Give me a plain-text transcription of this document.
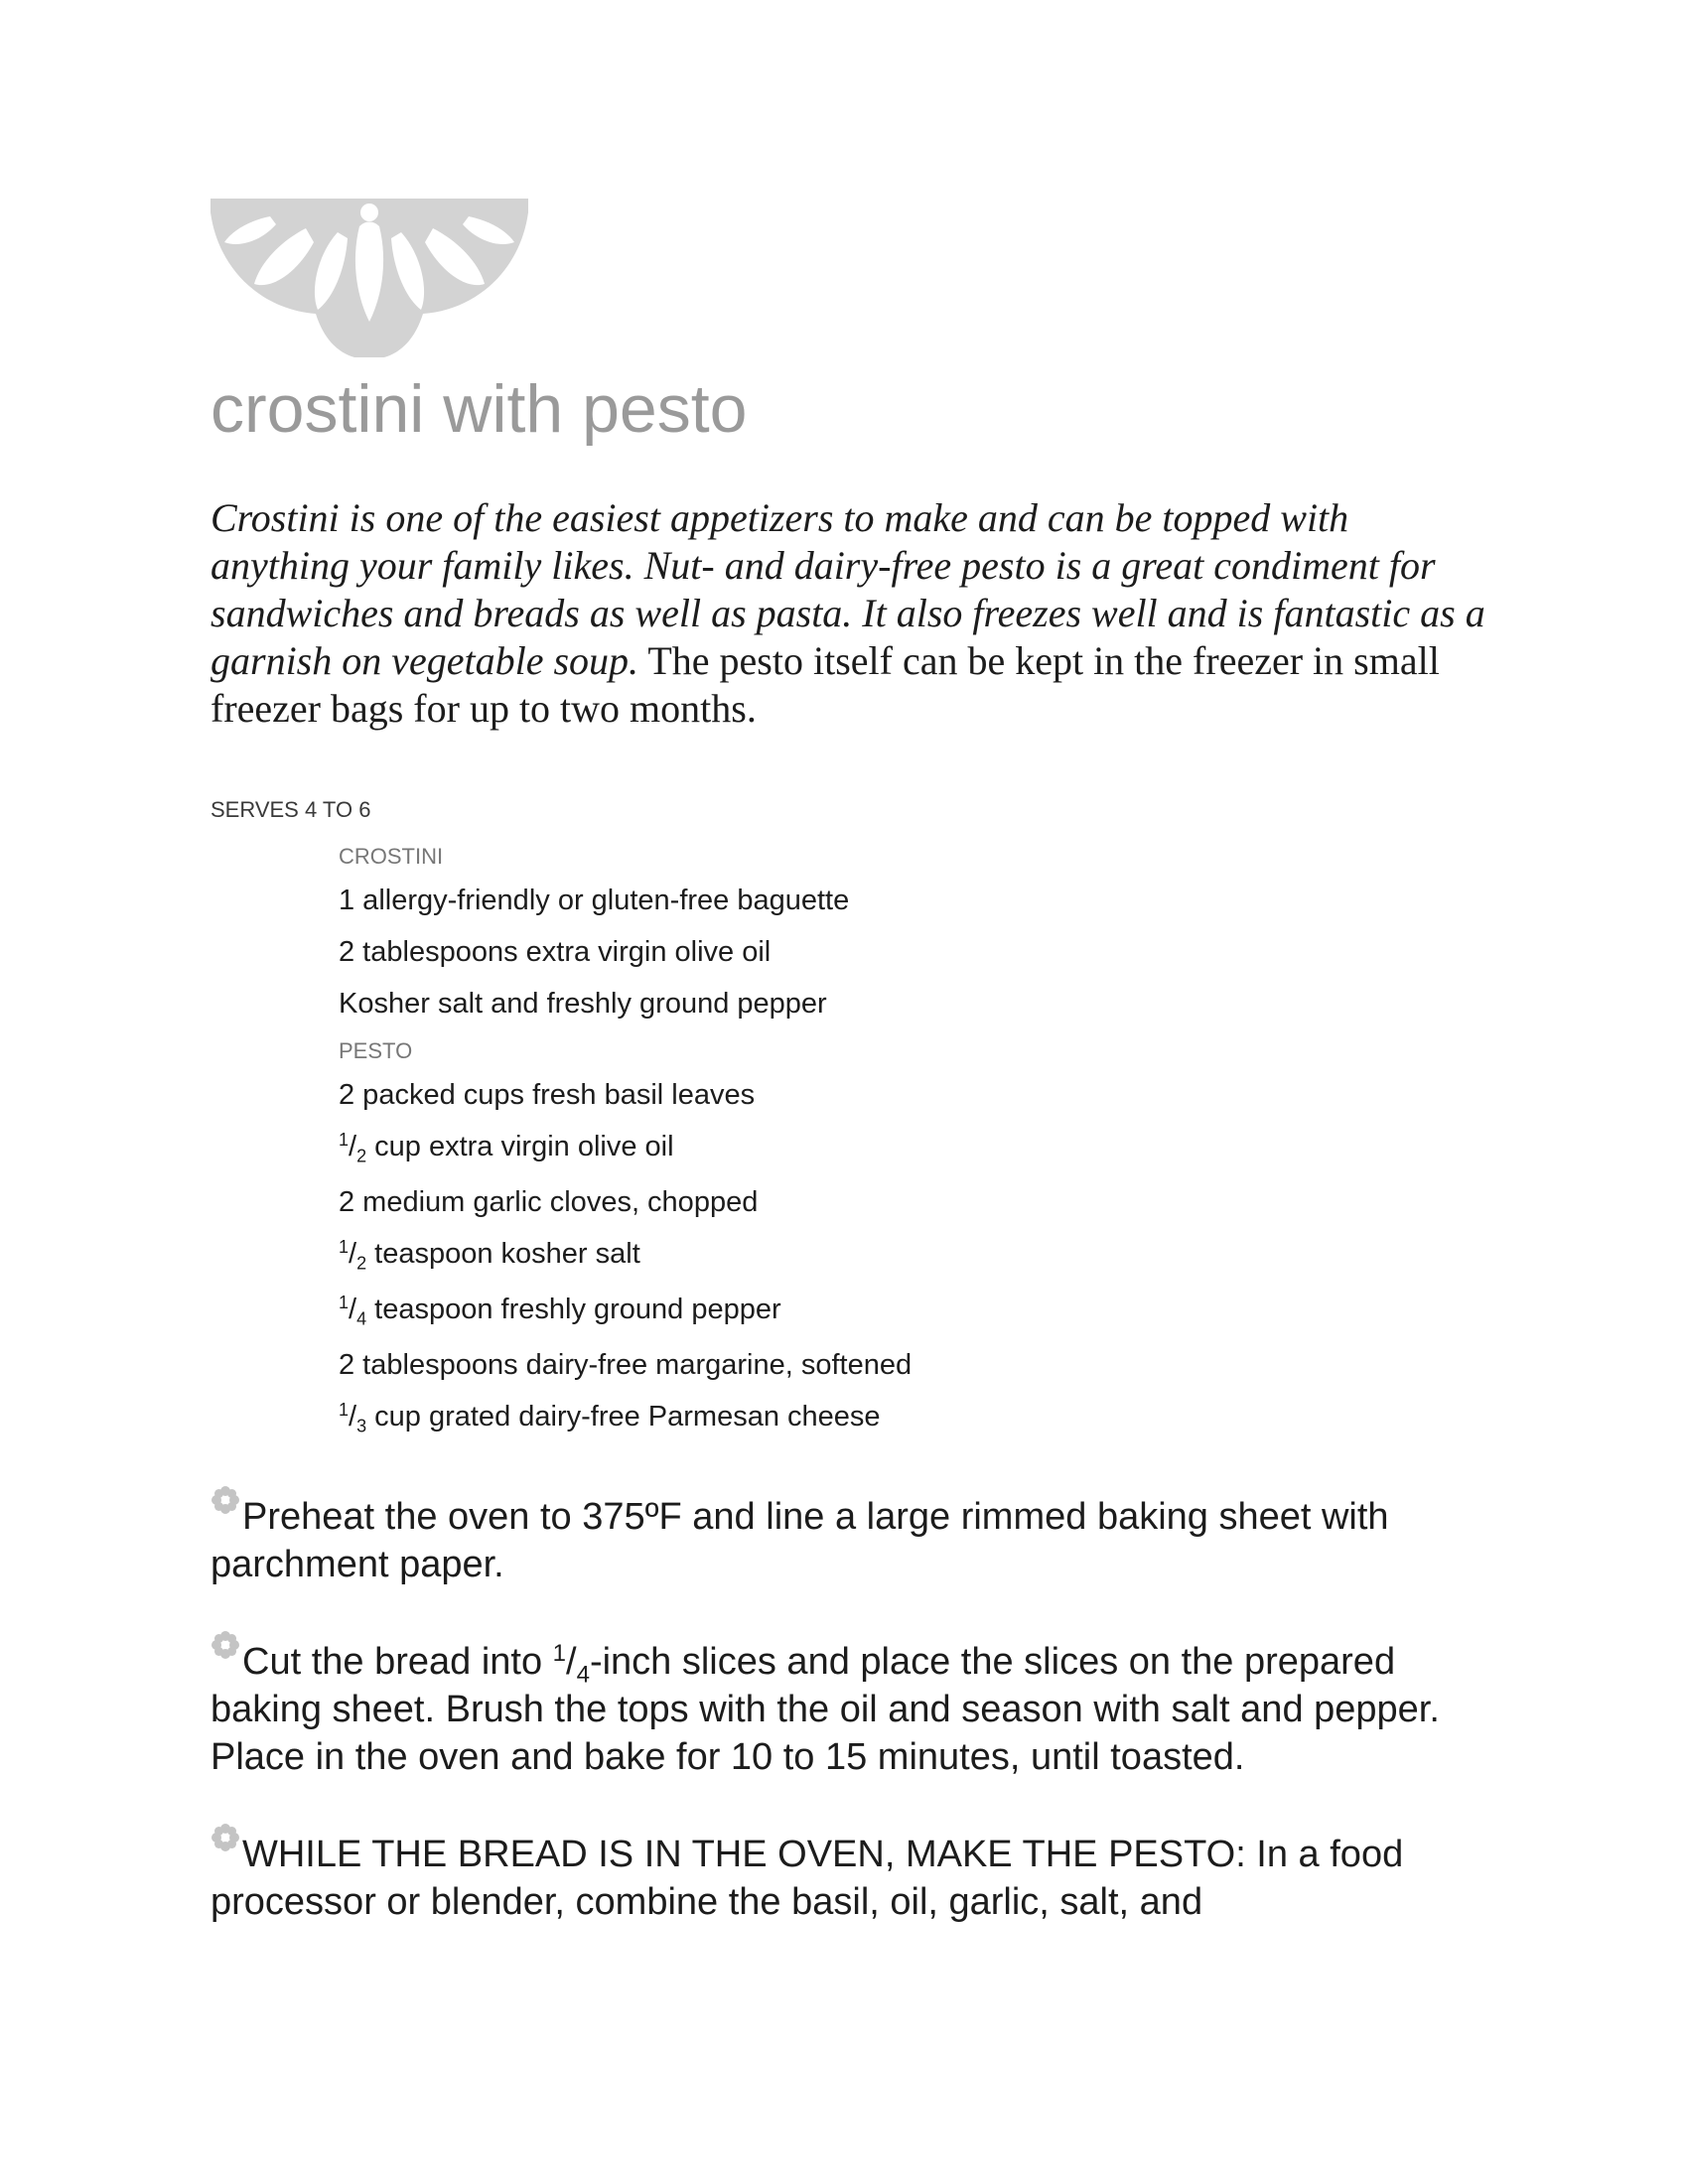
crostini with pesto

Crostini is one of the easiest appetizers to make and can be topped with anything your family likes. Nut- and dairy-free pesto is a great condiment for sandwiches and breads as well as pasta. It also freezes well and is fantastic as a garnish on vegetable soup. The pesto itself can be kept in the freezer in small freezer bags for up to two months.

SERVES 4 TO 6

CROSTINI

1 allergy-friendly or gluten-free baguette
2 tablespoons extra virgin olive oil
Kosher salt and freshly ground pepper

PESTO

2 packed cups fresh basil leaves
$^1/_2$ cup extra virgin olive oil
2 medium garlic cloves, chopped
$^1/_2$ teaspoon kosher salt
$^1/_4$ teaspoon freshly ground pepper
2 tablespoons dairy-free margarine, softened
$^1/_3$ cup grated dairy-free Parmesan cheese

Preheat the oven to 375ºF and line a large rimmed baking sheet with parchment paper.

Cut the bread into $^1/_4$-inch slices and place the slices on the prepared baking sheet. Brush the tops with the oil and season with salt and pepper. Place in the oven and bake for 10 to 15 minutes, until toasted.

WHILE THE BREAD IS IN THE OVEN, MAKE THE PESTO: In a food processor or blender, combine the basil, oil, garlic, salt, and
